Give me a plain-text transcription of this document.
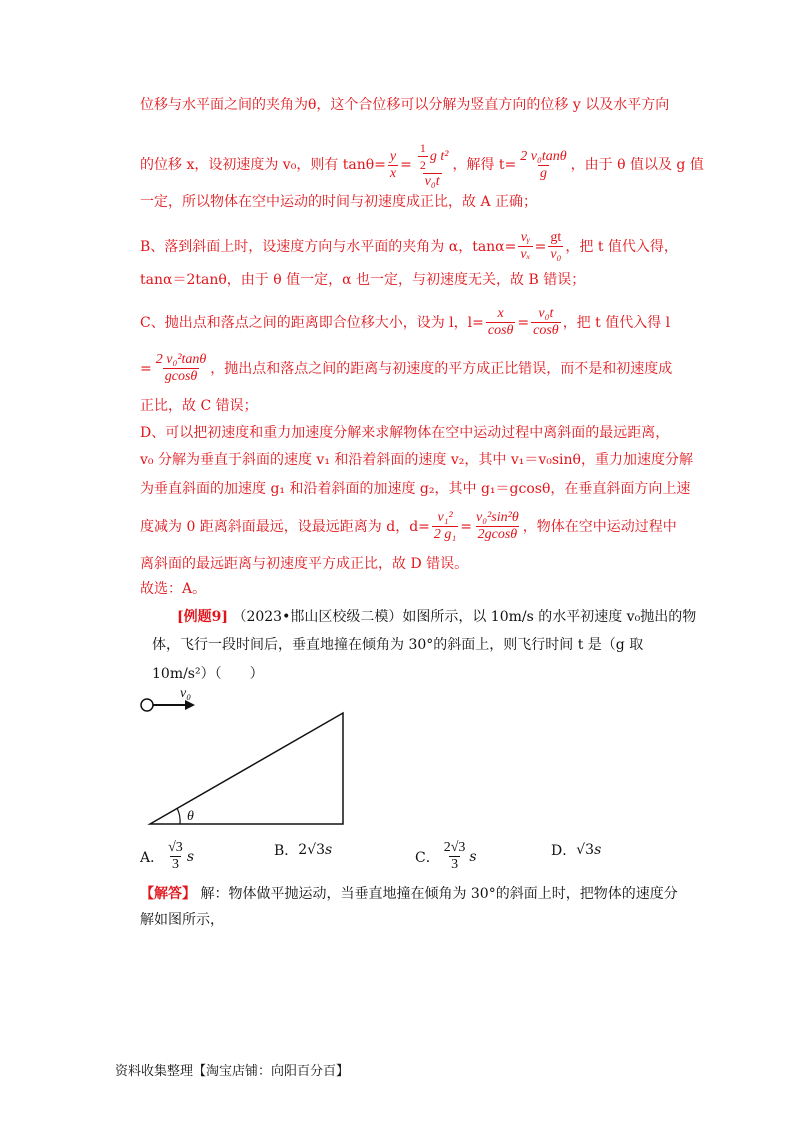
位移与水平面之间的夹角为θ，这个合位移可以分解为竖直方向的位移 y 以及水平方向
的位移 x，设初速度为 v₀，则有 $\tan\theta= \frac{y}{x} = \frac{\frac{1}{2} g t^2}{\text{v₀t}}$ ，解得 $t= \frac{\text{2 v₀tanθ}}{g}$ ，由于 θ 值以及 g 值
一定，所以物体在空中运动的时间与初速度成正比，故 A 正确；
B、落到斜面上时，设速度方向与水平面的夹角为 α，$\tan\alpha= \frac{\text{vᵧ}}{\text{vₓ}} = \frac{gt}{\text{v₀}}$ ，把 t 值代入得，
tanα＝2tanθ，由于 θ 值一定，α 也一定，与初速度无关，故 B 错误；
C、抛出点和落点之间的距离即合位移大小，设为 l，$l= \frac{x}{\cos\theta} = \frac{\text{v₀t}}{\cos\theta}$ ，把 t 值代入得 l
= $\frac{\text{2 v₀²tanθ}}{gcos\theta}$ ，抛出点和落点之间的距离与初速度的平方成正比错误，而不是和初速度成
正比，故 C 错误；
D、可以把初速度和重力加速度分解来求解物体在空中运动过程中离斜面的最远距离，
v₀ 分解为垂直于斜面的速度 v₁ 和沿着斜面的速度 v₂，其中 v₁＝v₀sinθ，重力加速度分解
为垂直斜面的加速度 g₁ 和沿着斜面的加速度 g₂，其中 g₁＝gcosθ，在垂直斜面方向上速
度减为 0 距离斜面最远，设最远距离为 d，$d= \frac{\text{v₁²}}{\text{2 g₁}} = \frac{\text{v₀²sin²θ}}{2gcos\theta}$ ，物体在空中运动过程中
离斜面的最远距离与初速度平方成正比，故 D 错误。
故选：A。
[例题9] （2023•邯山区校级二模）如图所示，以 10m/s 的水平初速度 v₀抛出的物
体，飞行一段时间后，垂直地撞在倾角为 30°的斜面上，则飞行时间 t 是（g 取
10m/s²）（　　）
v₀
θ
A． $\frac{√3}{3}$ s	B． 2√3 s	C． $\frac{2√3}{3}$ s	D． √3 s
【解答】 解：物体做平抛运动，当垂直地撞在倾角为 30°的斜面上时，把物体的速度分
解如图所示，
资料收集整理【淘宝店铺：向阳百分百】
